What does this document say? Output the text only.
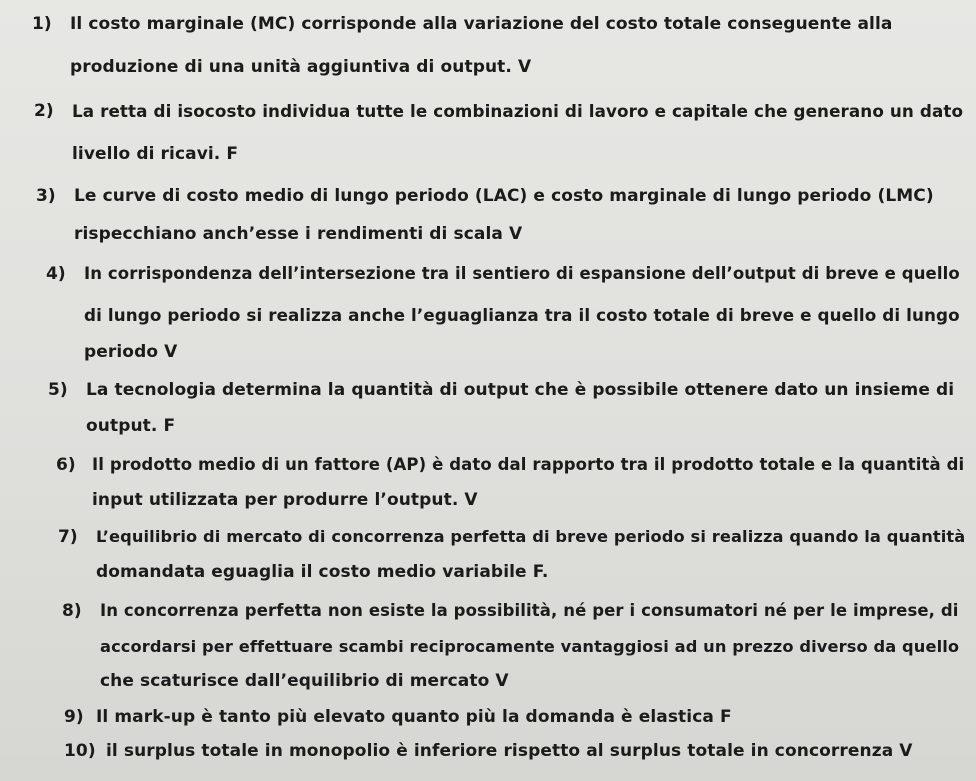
1) Il costo marginale (MC) corrisponde alla variazione del costo totale conseguente alla
produzione di una unità aggiuntiva di output. V
2) La retta di isocosto individua tutte le combinazioni di lavoro e capitale che generano un dato
livello di ricavi. F
3) Le curve di costo medio di lungo periodo (LAC) e costo marginale di lungo periodo (LMC)
rispecchiano anch’esse i rendimenti di scala V
4) In corrispondenza dell’intersezione tra il sentiero di espansione dell’output di breve e quello
di lungo periodo si realizza anche l’eguaglianza tra il costo totale di breve e quello di lungo
periodo V
5) La tecnologia determina la quantità di output che è possibile ottenere dato un insieme di
output. F
6) Il prodotto medio di un fattore (AP) è dato dal rapporto tra il prodotto totale e la quantità di
input utilizzata per produrre l’output. V
7) L’equilibrio di mercato di concorrenza perfetta di breve periodo si realizza quando la quantità
domandata eguaglia il costo medio variabile F.
8) In concorrenza perfetta non esiste la possibilità, né per i consumatori né per le imprese, di
accordarsi per effettuare scambi reciprocamente vantaggiosi ad un prezzo diverso da quello
che scaturisce dall’equilibrio di mercato V
9) Il mark-up è tanto più elevato quanto più la domanda è elastica F
10) il surplus totale in monopolio è inferiore rispetto al surplus totale in concorrenza V
